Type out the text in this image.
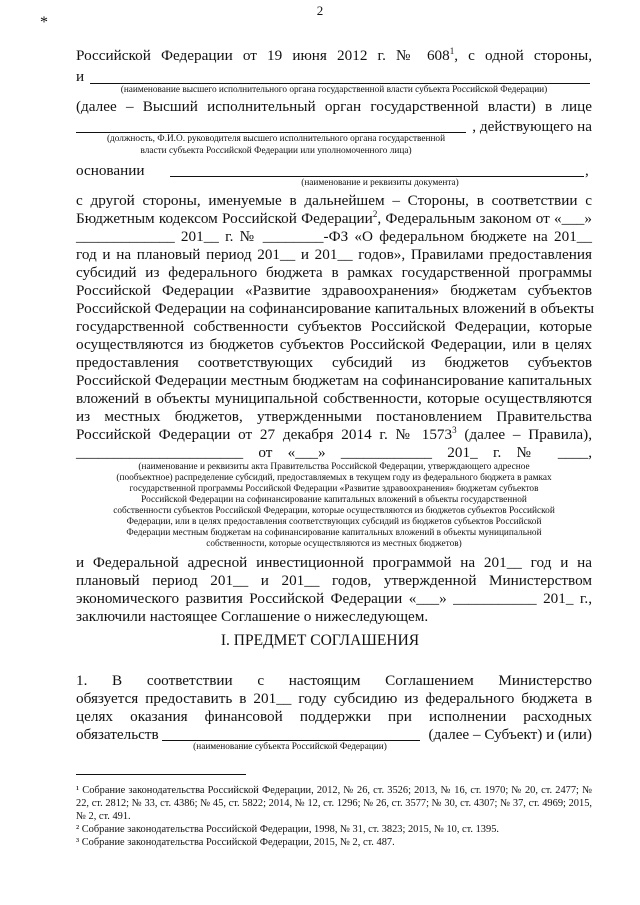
*
2
Российской Федерации от 19 июня 2012 г. № $608^1$, с одной стороны,
и
(наименование высшего исполнительного органа государственной власти субъекта Российской Федерации)
(далее – Высший исполнительный орган государственной власти) в лице
, действующего на
(должность, Ф.И.О. руководителя высшего исполнительного органа государственной
власти субъекта Российской Федерации или уполномоченного лица)
основании	,
(наименование и реквизиты документа)
с другой стороны, именуемые в дальнейшем – Стороны, в соответствии с
Бюджетным кодексом Российской Федерации$^2$, Федеральным законом от «___»
_____________ 201__ г. № ________-ФЗ «О федеральном бюджете на 201__
год и на плановый период 201__ и 201__ годов», Правилами предоставления
субсидий из федерального бюджета в рамках государственной программы
Российской Федерации «Развитие здравоохранения» бюджетам субъектов
Российской Федерации на софинансирование капитальных вложений в объекты
государственной собственности субъектов Российской Федерации, которые
осуществляются из бюджетов субъектов Российской Федерации, или в целях
предоставления соответствующих субсидий из бюджетов субъектов
Российской Федерации местным бюджетам на софинансирование капитальных
вложений в объекты муниципальной собственности, которые осуществляются
из местных бюджетов, утвержденными постановлением Правительства
Российской Федерации от 27 декабря 2014 г. № 1573$^3$ (далее – Правила),
______________________ от «___» ____________ 201_ г. № ____,
(наименование и реквизиты акта Правительства Российской Федерации, утверждающего адресное
(пообъектное) распределение субсидий, предоставляемых в текущем году из федерального бюджета в рамках
государственной программы Российской Федерации «Развитие здравоохранения» бюджетам субъектов
Российской Федерации на софинансирование капитальных вложений в объекты государственной
собственности субъектов Российской Федерации, которые осуществляются из бюджетов субъектов Российской
Федерации, или в целях предоставления соответствующих субсидий из бюджетов субъектов Российской
Федерации местным бюджетам на софинансирование капитальных вложений в объекты муниципальной
собственности, которые осуществляются из местных бюджетов)
и Федеральной адресной инвестиционной программой на 201__ год и на
плановый период 201__ и 201__ годов, утвержденной Министерством
экономического развития Российской Федерации «___» ___________ 201_ г.,
заключили настоящее Соглашение о нижеследующем.
I. ПРЕДМЕТ СОГЛАШЕНИЯ
1. В соответствии с настоящим Соглашением Министерство
обязуется предоставить в 201__ году субсидию из федерального бюджета в
целях оказания финансовой поддержки при исполнении расходных
обязательств	(далее – Субъект) и (или)
(наименование субъекта Российской Федерации)
¹ Собрание законодательства Российской Федерации, 2012, № 26, ст. 3526; 2013, № 16, ст. 1970; № 20, ст. 2477; № 22, ст. 2812; № 33, ст. 4386; № 45, ст. 5822; 2014, № 12, ст. 1296; № 26, ст. 3577; № 30, ст. 4307; № 37, ст. 4969; 2015, № 2, ст. 491.
² Собрание законодательства Российской Федерации, 1998, № 31, ст. 3823; 2015, № 10, ст. 1395.
³ Собрание законодательства Российской Федерации, 2015, № 2, ст. 487.
